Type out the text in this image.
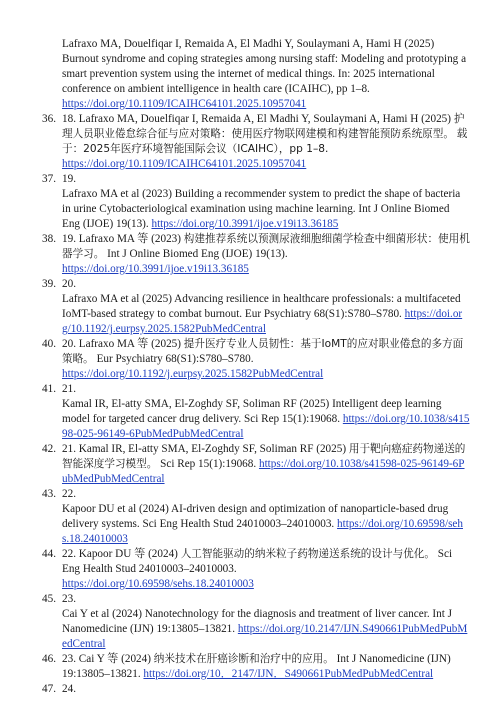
Lafraxo MA, Douelfiqar I, Remaida A, El Madhi Y, Soulaymani A, Hami H (2025) Burnout syndrome and coping strategies among nursing staff: Modeling and prototyping a smart prevention system using the internet of medical things. In: 2025 international conference on ambient intelligence in health care (ICAIHC), pp 1–8.
https://doi.org/10.1109/ICAIHC64101.2025.10957041
36. 18. Lafraxo MA, Douelfiqar I, Remaida A, El Madhi Y, Soulaymani A, Hami H (2025) 护理人员职业倦怠综合征与应对策略：使用医疗物联网建模和构建智能预防系统原型。 载于：2025年医疗环境智能国际会议（ICAIHC），pp 1–8.
https://doi.org/10.1109/ICAIHC64101.2025.10957041
37. 19.
Lafraxo MA et al (2023) Building a recommender system to predict the shape of bacteria in urine Cytobacteriological examination using machine learning. Int J Online Biomed Eng (IJOE) 19(13). https://doi.org/10.3991/ijoe.v19i13.36185
38. 19. Lafraxo MA 等 (2023) 构建推荐系统以预测尿液细胞细菌学检查中细菌形状：使用机器学习。 Int J Online Biomed Eng (IJOE) 19(13).
https://doi.org/10.3991/ijoe.v19i13.36185
39. 20.
Lafraxo MA et al (2025) Advancing resilience in healthcare professionals: a multifaceted IoMT-based strategy to combat burnout. Eur Psychiatry 68(S1):S780–S780. https://doi.org/10.1192/j.eurpsy.2025.1582PubMedCentral
40. 20. Lafraxo MA 等 (2025) 提升医疗专业人员韧性：基于IoMT的应对职业倦怠的多方面策略。 Eur Psychiatry 68(S1):S780–S780.
https://doi.org/10.1192/j.eurpsy.2025.1582PubMedCentral
41. 21.
Kamal IR, El-atty SMA, El-Zoghdy SF, Soliman RF (2025) Intelligent deep learning model for targeted cancer drug delivery. Sci Rep 15(1):19068. https://doi.org/10.1038/s41598-025-96149-6PubMedPubMedCentral
42. 21. Kamal IR, El-atty SMA, El-Zoghdy SF, Soliman RF (2025) 用于靶向癌症药物递送的智能深度学习模型。 Sci Rep 15(1):19068. https://doi.org/10.1038/s41598-025-96149-6PubMedPubMedCentral
43. 22.
Kapoor DU et al (2024) AI-driven design and optimization of nanoparticle-based drug delivery systems. Sci Eng Health Stud 24010003–24010003. https://doi.org/10.69598/sehs.18.24010003
44. 22. Kapoor DU 等 (2024) 人工智能驱动的纳米粒子药物递送系统的设计与优化。 Sci Eng Health Stud 24010003–24010003.
https://doi.org/10.69598/sehs.18.24010003
45. 23.
Cai Y et al (2024) Nanotechnology for the diagnosis and treatment of liver cancer. Int J Nanomedicine (IJN) 19:13805–13821. https://doi.org/10.2147/IJN.S490661PubMedPubMedCentral
46. 23. Cai Y 等 (2024) 纳米技术在肝癌诊断和治疗中的应用。 Int J Nanomedicine (IJN) 19:13805–13821. https://doi.org/10．2147/IJN．S490661PubMedPubMedCentral
47. 24.
